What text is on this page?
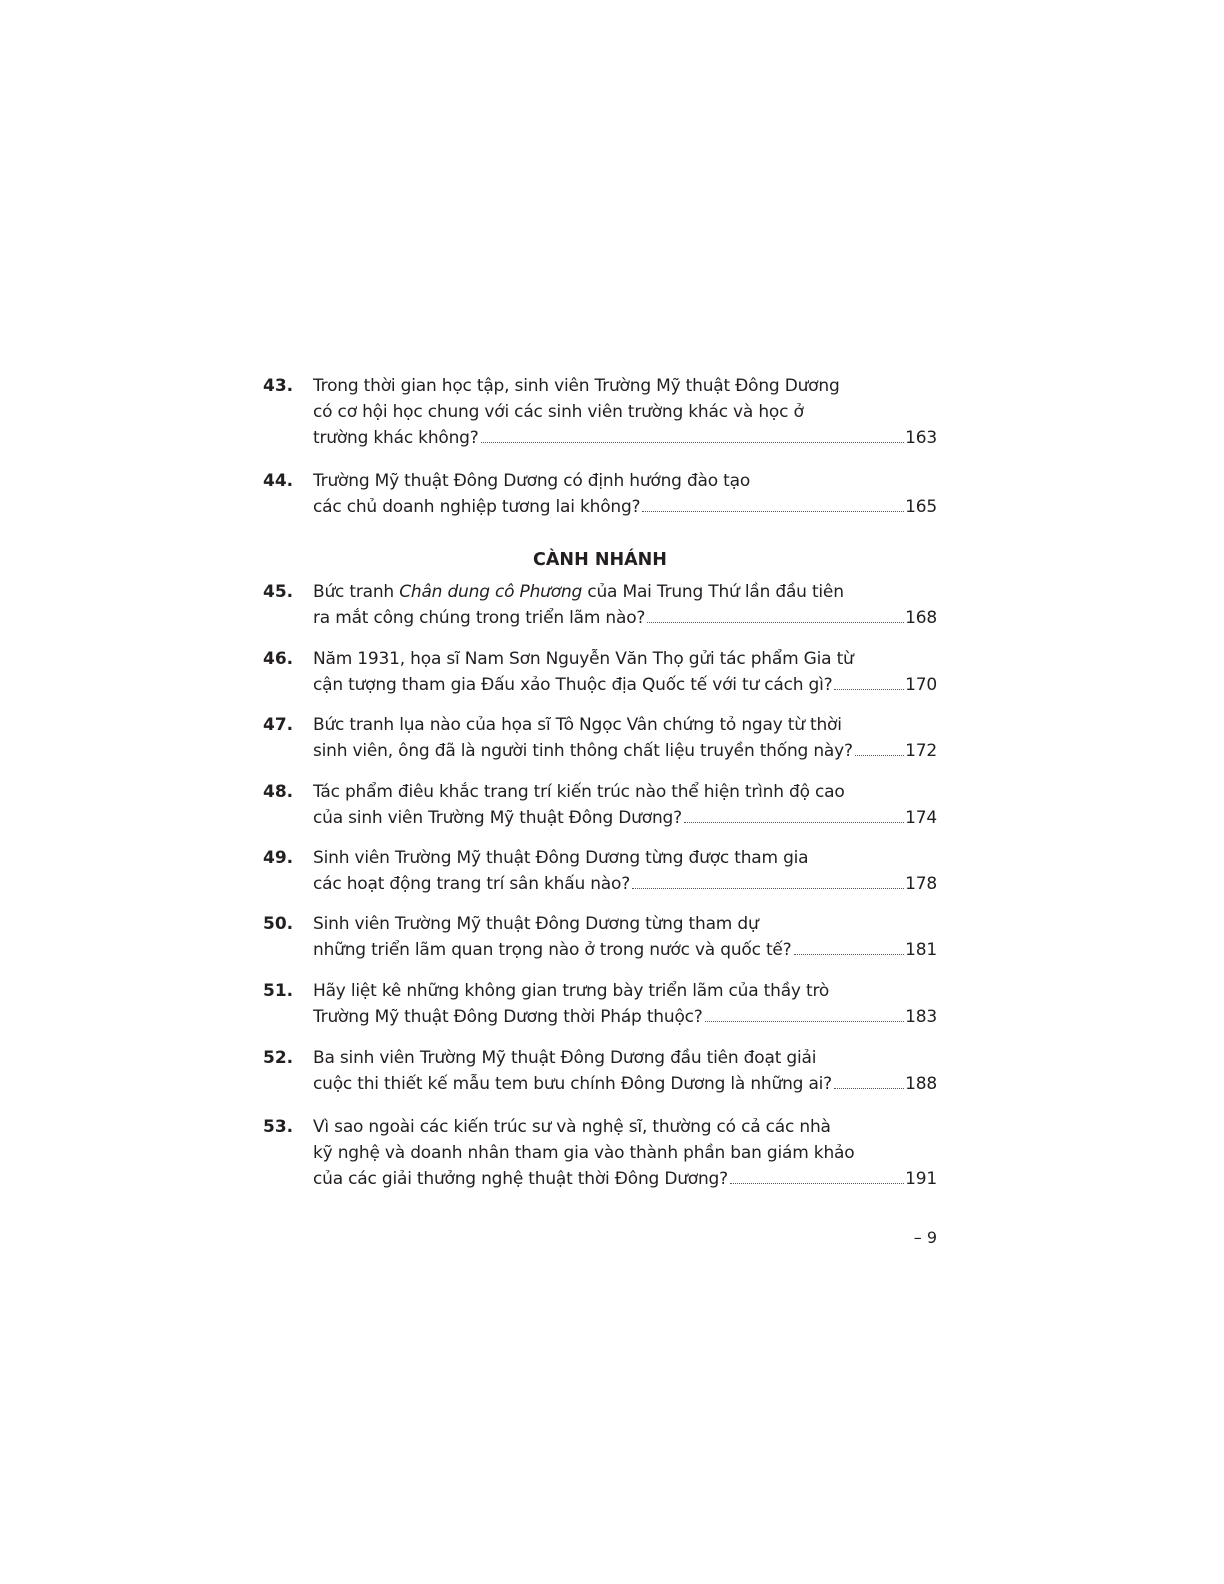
43. Trong thời gian học tập, sinh viên Trường Mỹ thuật Đông Dương
có cơ hội học chung với các sinh viên trường khác và học ở
trường khác không?	163
44. Trường Mỹ thuật Đông Dương có định hướng đào tạo
các chủ doanh nghiệp tương lai không?	165
45. Bức tranh Chân dung cô Phương của Mai Trung Thứ lần đầu tiên
ra mắt công chúng trong triển lãm nào?	168
46. Năm 1931, họa sĩ Nam Sơn Nguyễn Văn Thọ gửi tác phẩm Gia từ
cận tượng tham gia Đấu xảo Thuộc địa Quốc tế với tư cách gì?	170
47. Bức tranh lụa nào của họa sĩ Tô Ngọc Vân chứng tỏ ngay từ thời
sinh viên, ông đã là người tinh thông chất liệu truyền thống này?	172
48. Tác phẩm điêu khắc trang trí kiến trúc nào thể hiện trình độ cao
của sinh viên Trường Mỹ thuật Đông Dương?	174
49. Sinh viên Trường Mỹ thuật Đông Dương từng được tham gia
các hoạt động trang trí sân khấu nào?	178
50. Sinh viên Trường Mỹ thuật Đông Dương từng tham dự
những triển lãm quan trọng nào ở trong nước và quốc tế?	181
51. Hãy liệt kê những không gian trưng bày triển lãm của thầy trò
Trường Mỹ thuật Đông Dương thời Pháp thuộc?	183
52. Ba sinh viên Trường Mỹ thuật Đông Dương đầu tiên đoạt giải
cuộc thi thiết kế mẫu tem bưu chính Đông Dương là những ai?	188
53. Vì sao ngoài các kiến trúc sư và nghệ sĩ, thường có cả các nhà
kỹ nghệ và doanh nhân tham gia vào thành phần ban giám khảo
của các giải thưởng nghệ thuật thời Đông Dương?	191
CÀNH NHÁNH
– 9
